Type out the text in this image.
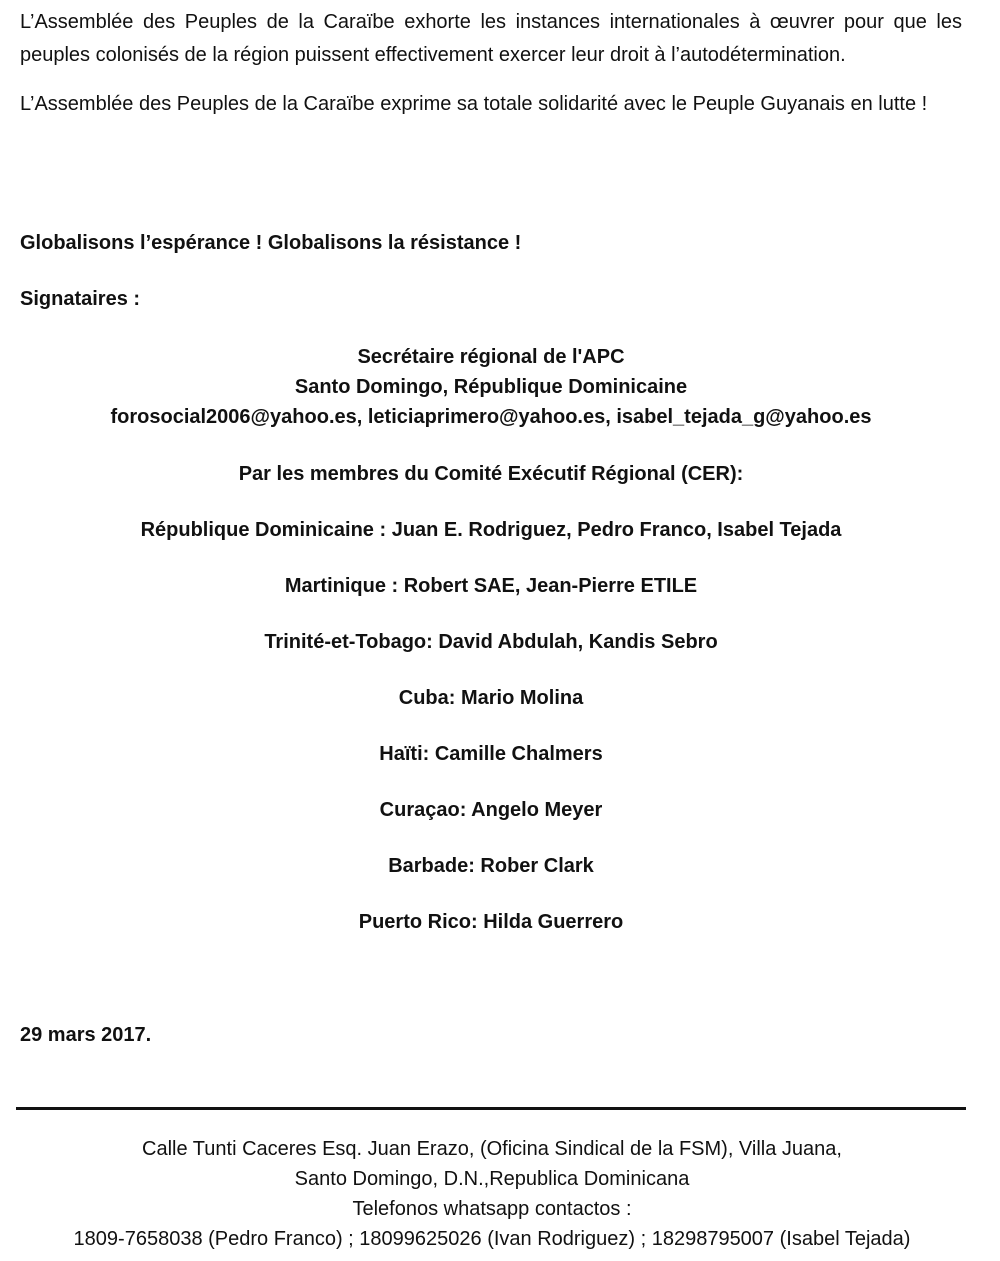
L’Assemblée des Peuples de la Caraïbe exhorte les instances internationales à œuvrer pour que les peuples colonisés de la région puissent effectivement exercer leur droit à l’autodétermination.

L’Assemblée des Peuples de la Caraïbe exprime sa totale solidarité avec le Peuple Guyanais en lutte !

Globalisons l’espérance ! Globalisons la résistance !

Signataires :

Secrétaire régional de l'APC
Santo Domingo, République Dominicaine
forosocial2006@yahoo.es, leticiaprimero@yahoo.es, isabel_tejada_g@yahoo.es

Par les membres du Comité Exécutif Régional (CER):

République Dominicaine : Juan E. Rodriguez, Pedro Franco, Isabel Tejada

Martinique : Robert SAE, Jean-Pierre ETILE

Trinité-et-Tobago: David Abdulah, Kandis Sebro

Cuba: Mario Molina

Haïti: Camille Chalmers

Curaçao: Angelo Meyer

Barbade: Rober Clark

Puerto Rico: Hilda Guerrero

29 mars 2017.

Calle Tunti Caceres Esq. Juan Erazo, (Oficina Sindical de la FSM), Villa Juana,
Santo Domingo, D.N.,Republica Dominicana
Telefonos whatsapp contactos :
1809-7658038 (Pedro Franco) ; 18099625026 (Ivan Rodriguez) ; 18298795007 (Isabel Tejada)
